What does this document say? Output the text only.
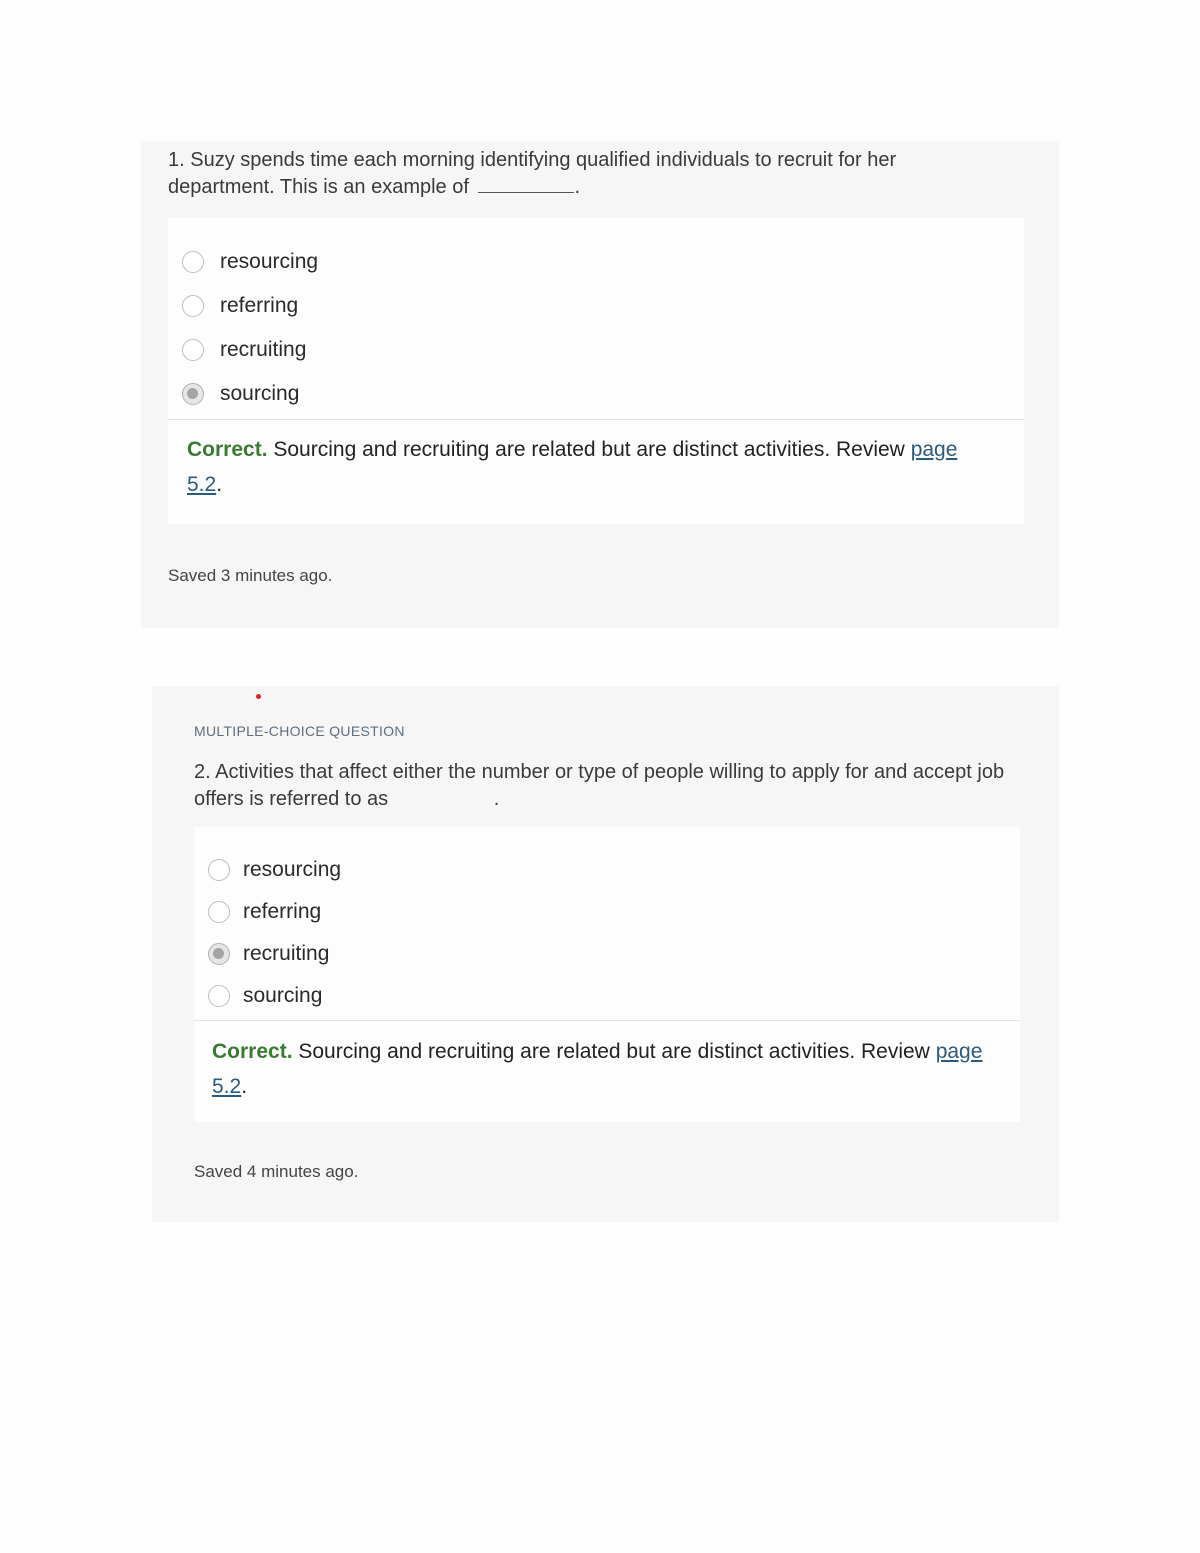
1. Suzy spends time each morning identifying qualified individuals to recruit for her department. This is an example of	.

resourcing
referring
recruiting
sourcing

Correct. Sourcing and recruiting are related but are distinct activities. Review page 5.2.

Saved 3 minutes ago.
MULTIPLE-CHOICE QUESTION

2. Activities that affect either the number or type of people willing to apply for and accept job offers is referred to as	.

resourcing
referring
recruiting
sourcing

Correct. Sourcing and recruiting are related but are distinct activities. Review page 5.2.

Saved 4 minutes ago.
